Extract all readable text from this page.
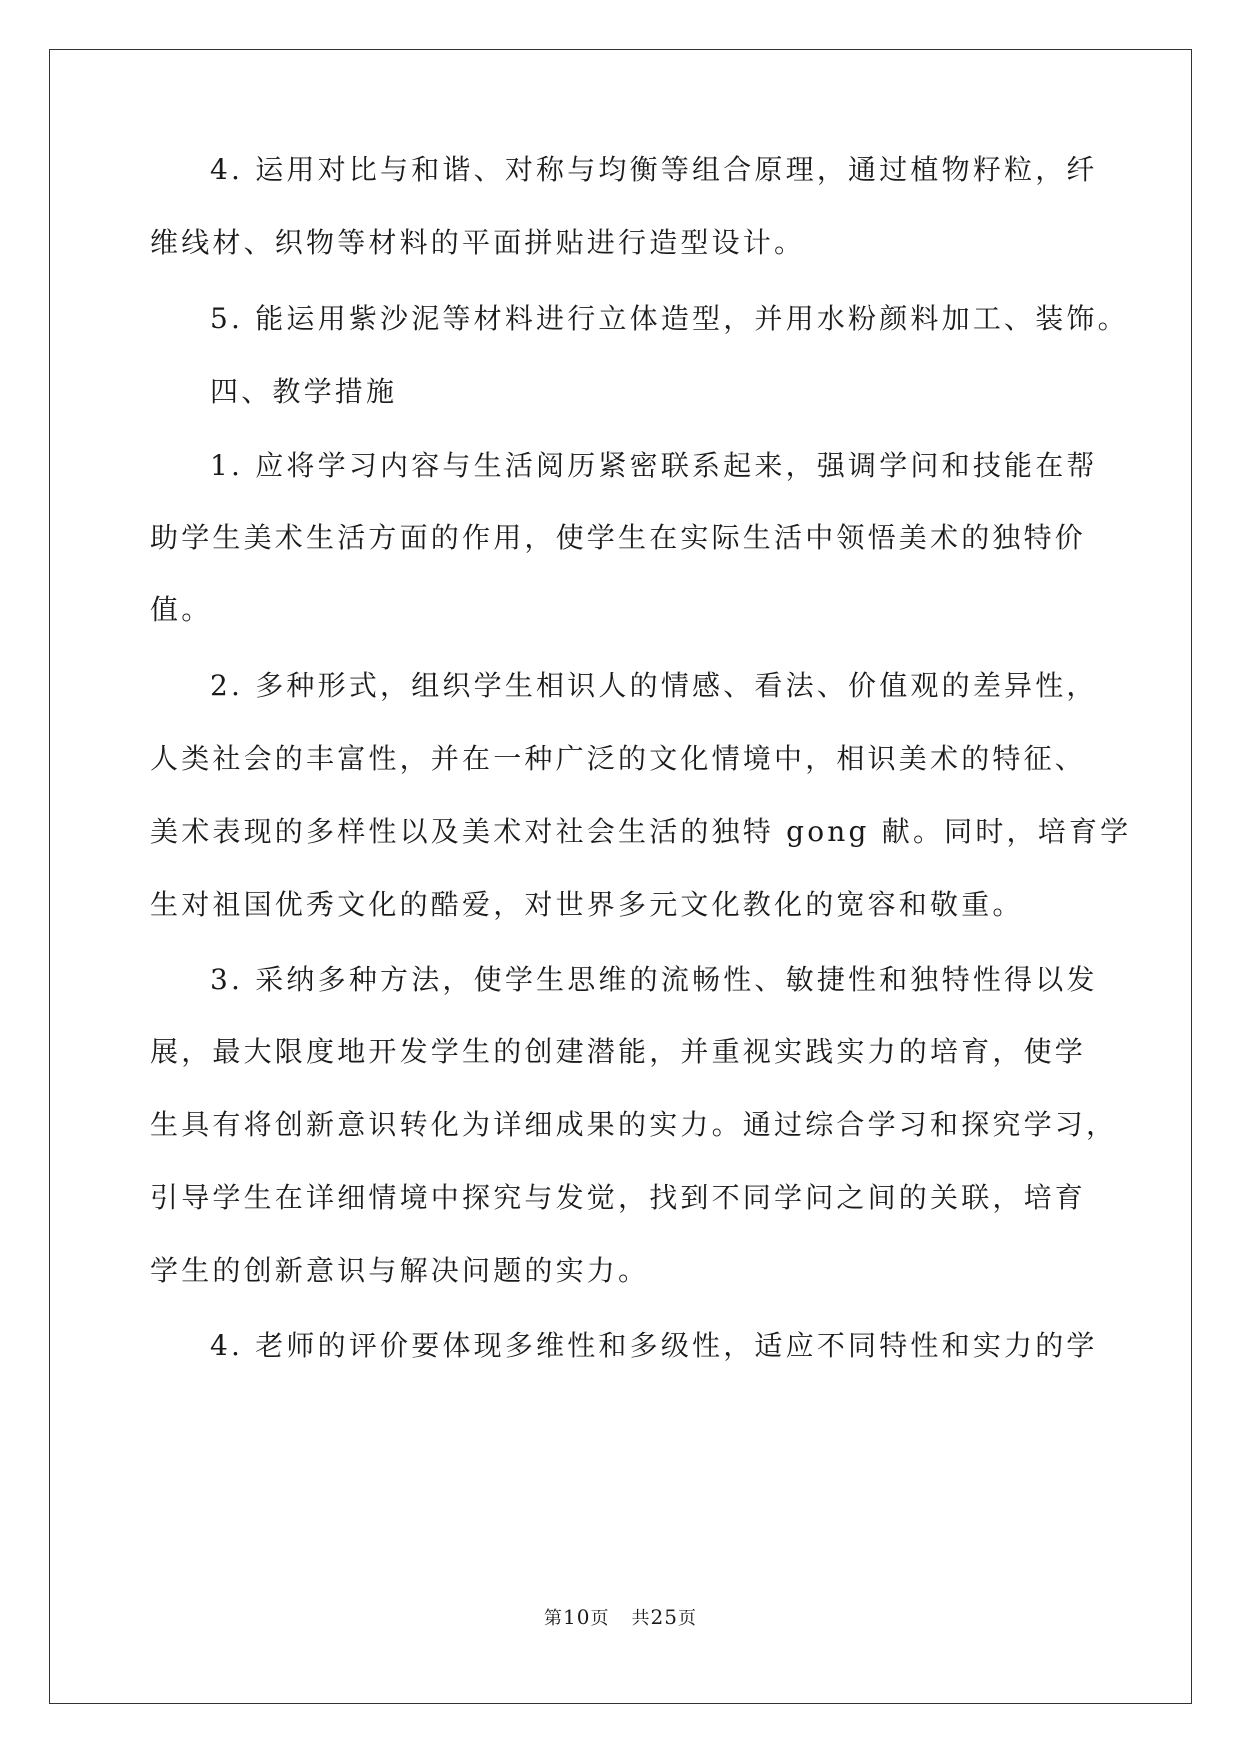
4. 运用对比与和谐、对称与均衡等组合原理，通过植物籽粒，纤
维线材、织物等材料的平面拼贴进行造型设计。
5. 能运用紫沙泥等材料进行立体造型，并用水粉颜料加工、装饰。
四、教学措施
1. 应将学习内容与生活阅历紧密联系起来，强调学问和技能在帮
助学生美术生活方面的作用，使学生在实际生活中领悟美术的独特价
值。
2. 多种形式，组织学生相识人的情感、看法、价值观的差异性，
人类社会的丰富性，并在一种广泛的文化情境中，相识美术的特征、
美术表现的多样性以及美术对社会生活的独特 gong 献。同时，培育学
生对祖国优秀文化的酷爱，对世界多元文化教化的宽容和敬重。
3. 采纳多种方法，使学生思维的流畅性、敏捷性和独特性得以发
展，最大限度地开发学生的创建潜能，并重视实践实力的培育，使学
生具有将创新意识转化为详细成果的实力。通过综合学习和探究学习，
引导学生在详细情境中探究与发觉，找到不同学问之间的关联，培育
学生的创新意识与解决问题的实力。
4. 老师的评价要体现多维性和多级性，适应不同特性和实力的学
第10页 共25页
